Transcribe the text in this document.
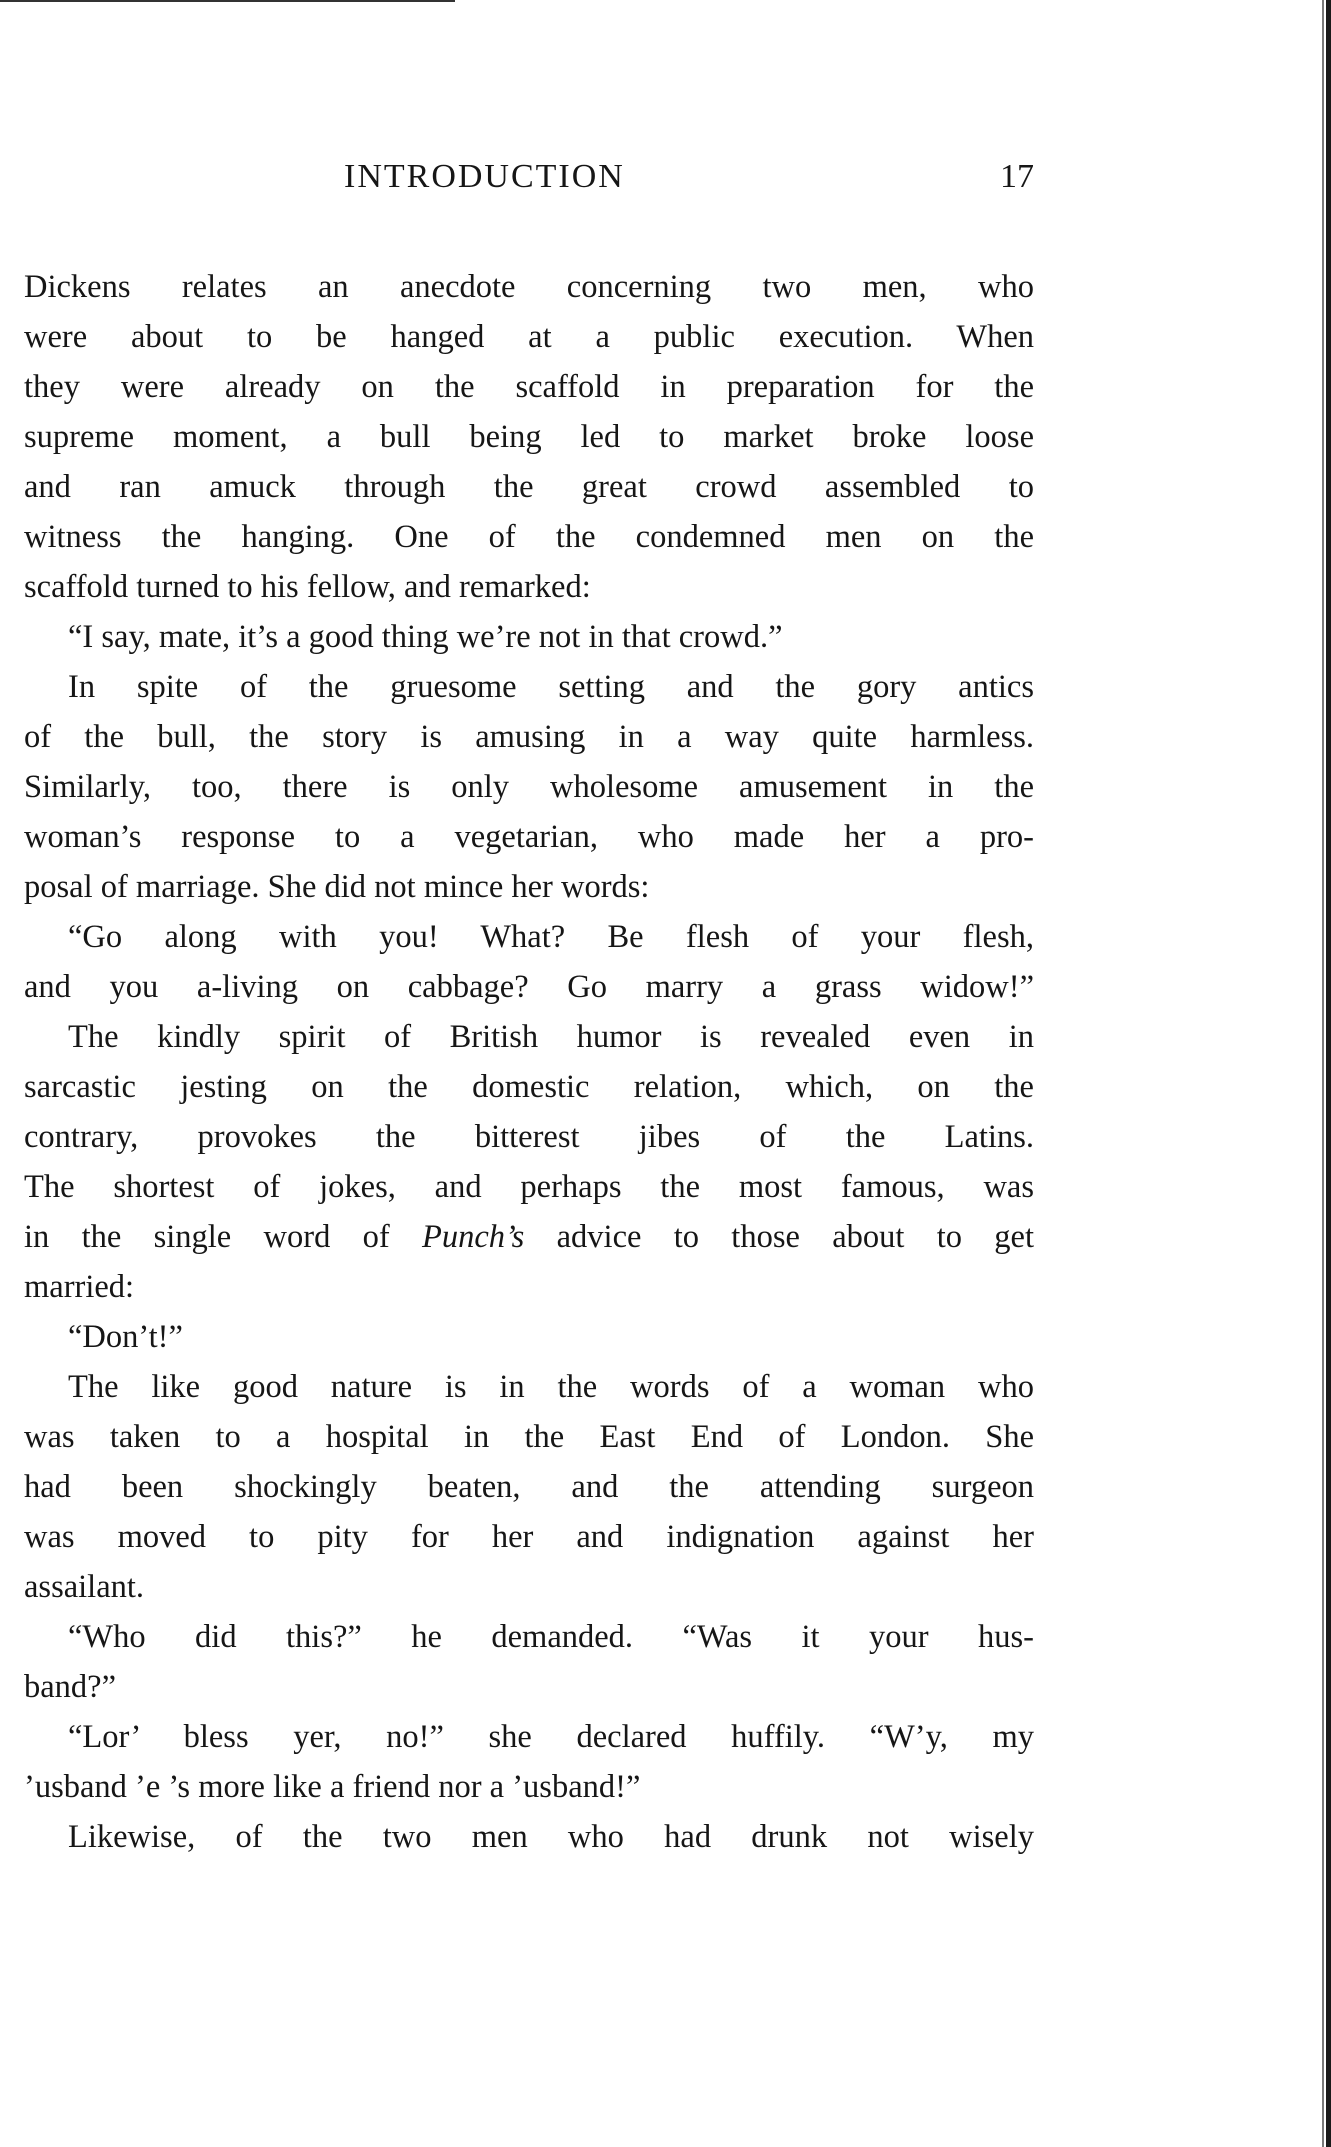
INTRODUCTION	17
Dickens relates an anecdote concerning two men, who
were about to be hanged at a public execution. When
they were already on the scaffold in preparation for the
supreme moment, a bull being led to market broke loose
and ran amuck through the great crowd assembled to
witness the hanging. One of the condemned men on the
scaffold turned to his fellow, and remarked:
“I say, mate, it’s a good thing we’re not in that crowd.”
In spite of the gruesome setting and the gory antics
of the bull, the story is amusing in a way quite harmless.
Similarly, too, there is only wholesome amusement in the
woman’s response to a vegetarian, who made her a pro-
posal of marriage. She did not mince her words:
“Go along with you! What? Be flesh of your flesh,
and you a-living on cabbage? Go marry a grass widow!”
The kindly spirit of British humor is revealed even in
sarcastic jesting on the domestic relation, which, on the
contrary, provokes the bitterest jibes of the Latins.
The shortest of jokes, and perhaps the most famous, was
in the single word of Punch’s advice to those about to get
married:
“Don’t!”
The like good nature is in the words of a woman who
was taken to a hospital in the East End of London. She
had been shockingly beaten, and the attending surgeon
was moved to pity for her and indignation against her
assailant.
“Who did this?” he demanded. “Was it your hus-
band?”
“Lor’ bless yer, no!” she declared huffily. “W’y, my
’usband ’e ’s more like a friend nor a ’usband!”
Likewise, of the two men who had drunk not wisely
